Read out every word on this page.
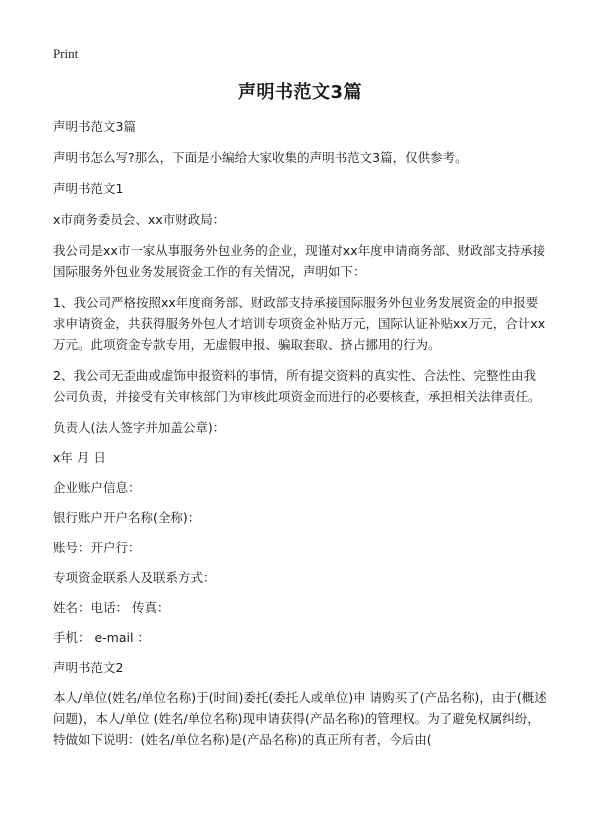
Print
声明书范文3篇

声明书范文3篇

声明书怎么写?那么，下面是小编给大家收集的声明书范文3篇，仅供参考。

声明书范文1

x市商务委员会、xx市财政局：

我公司是xx市一家从事服务外包业务的企业，现谨对xx年度申请商务部、财政部支持承接国际服务外包业务发展资金工作的有关情况，声明如下：

1、我公司严格按照xx年度商务部、财政部支持承接国际服务外包业务发展资金的申报要求申请资金，共获得服务外包人才培训专项资金补贴万元，国际认证补贴xx万元，合计xx万元。此项资金专款专用，无虚假申报、骗取套取、挤占挪用的行为。

2、我公司无歪曲或虚饰申报资料的事情，所有提交资料的真实性、合法性、完整性由我公司负责，并接受有关审核部门为审核此项资金而进行的必要核查，承担相关法律责任。

负责人(法人签字并加盖公章)：

x年 月 日

企业账户信息：

银行账户开户名称(全称)：

账号：开户行：

专项资金联系人及联系方式：

姓名：电话： 传真：

手机： e-mail ：

声明书范文2

本人/单位(姓名/单位名称)于(时间)委托(委托人或单位)申 请购买了(产品名称)，由于(概述问题)，本人/单位 (姓名/单位名称)现申请获得(产品名称)的管理权。为了避免权属纠纷，特做如下说明：(姓名/单位名称)是(产品名称)的真正所有者，今后由(
